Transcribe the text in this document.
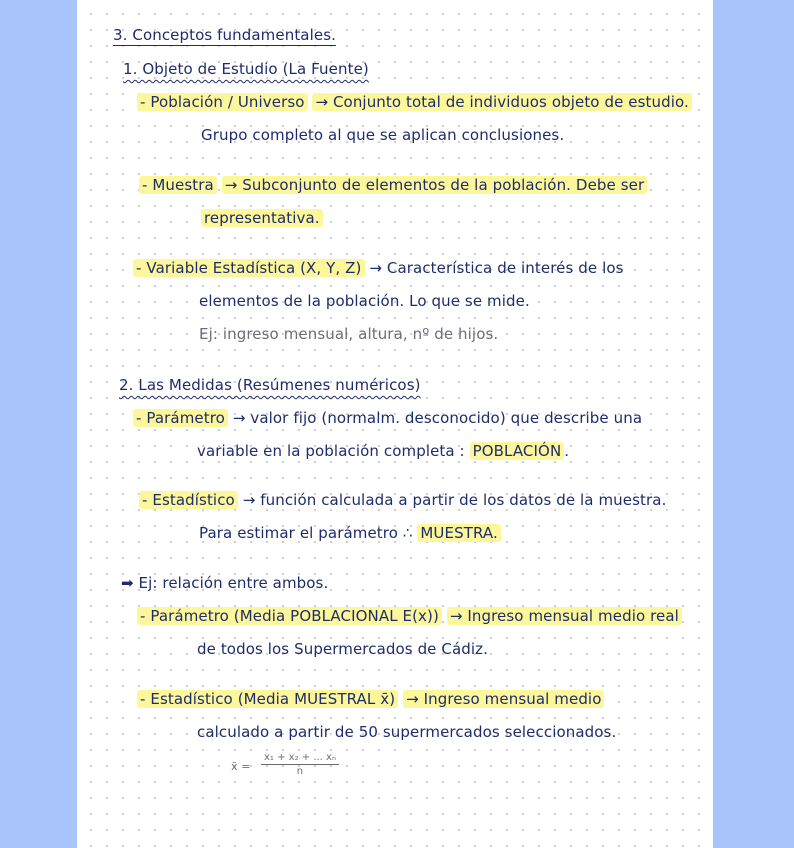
3. Conceptos fundamentales.
1. Objeto de Estudio (La Fuente)
- Población / Universo → Conjunto total de individuos objeto de estudio.
Grupo completo al que se aplican conclusiones.
- Muestra → Subconjunto de elementos de la población. Debe ser
representativa.
- Variable Estadística (X, Y, Z) → Característica de interés de los
elementos de la población. Lo que se mide.
Ej: ingreso mensual, altura, nº de hijos.
2. Las Medidas (Resúmenes numéricos)
- Parámetro → valor fijo (normalm. desconocido) que describe una
variable en la población completa : POBLACIÓN .
- Estadístico → función calculada a partir de los datos de la muestra.
Para estimar el parámetro ∴ MUESTRA.
➡ Ej: relación entre ambos.
- Parámetro (Media POBLACIONAL E(x)) → Ingreso mensual medio real
de todos los Supermercados de Cádiz.
- Estadístico (Media MUESTRAL x̄) → Ingreso mensual medio
calculado a partir de 50 supermercados seleccionados.
x̄ = $\frac{\text{x₁ + x₂ + ... xₙ}}{n}$
